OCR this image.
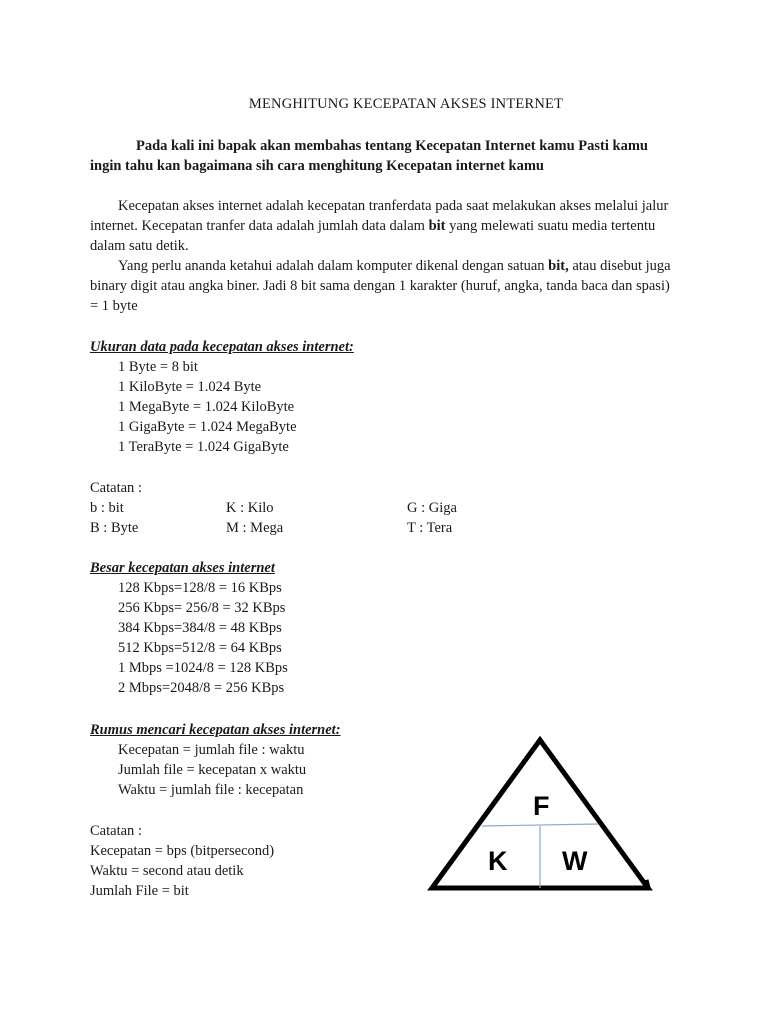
MENGHITUNG KECEPATAN AKSES INTERNET
Pada kali ini bapak akan membahas tentang Kecepatan Internet kamu Pasti kamu
ingin tahu kan bagaimana sih cara menghitung Kecepatan internet kamu
Kecepatan akses internet adalah kecepatan tranferdata pada saat melakukan akses melalui jalur internet. Kecepatan tranfer data adalah jumlah data dalam bit yang melewati suatu media tertentu dalam satu detik.
Yang perlu ananda ketahui adalah dalam komputer dikenal dengan satuan bit, atau disebut juga binary digit atau angka biner. Jadi 8 bit sama dengan 1 karakter (huruf, angka, tanda baca dan spasi) = 1 byte
Ukuran data pada kecepatan akses internet:
1 Byte = 8 bit
1 KiloByte = 1.024 Byte
1 MegaByte = 1.024 KiloByte
1 GigaByte = 1.024 MegaByte
1 TeraByte = 1.024 GigaByte
Catatan :
b : bit	K : Kilo	G : Giga
B : Byte	M : Mega	T : Tera
Besar kecepatan akses internet
128 Kbps=128/8 = 16 KBps
256 Kbps= 256/8 = 32 KBps
384 Kbps=384/8 = 48 KBps
512 Kbps=512/8 = 64 KBps
1 Mbps =1024/8 = 128 KBps
2 Mbps=2048/8 = 256 KBps
Rumus mencari kecepatan akses internet:
Kecepatan = jumlah file : waktu
Jumlah file = kecepatan x waktu
Waktu = jumlah file : kecepatan
Catatan :
Kecepatan = bps (bitpersecond)
Waktu = second atau detik
Jumlah File = bit
F
K W
